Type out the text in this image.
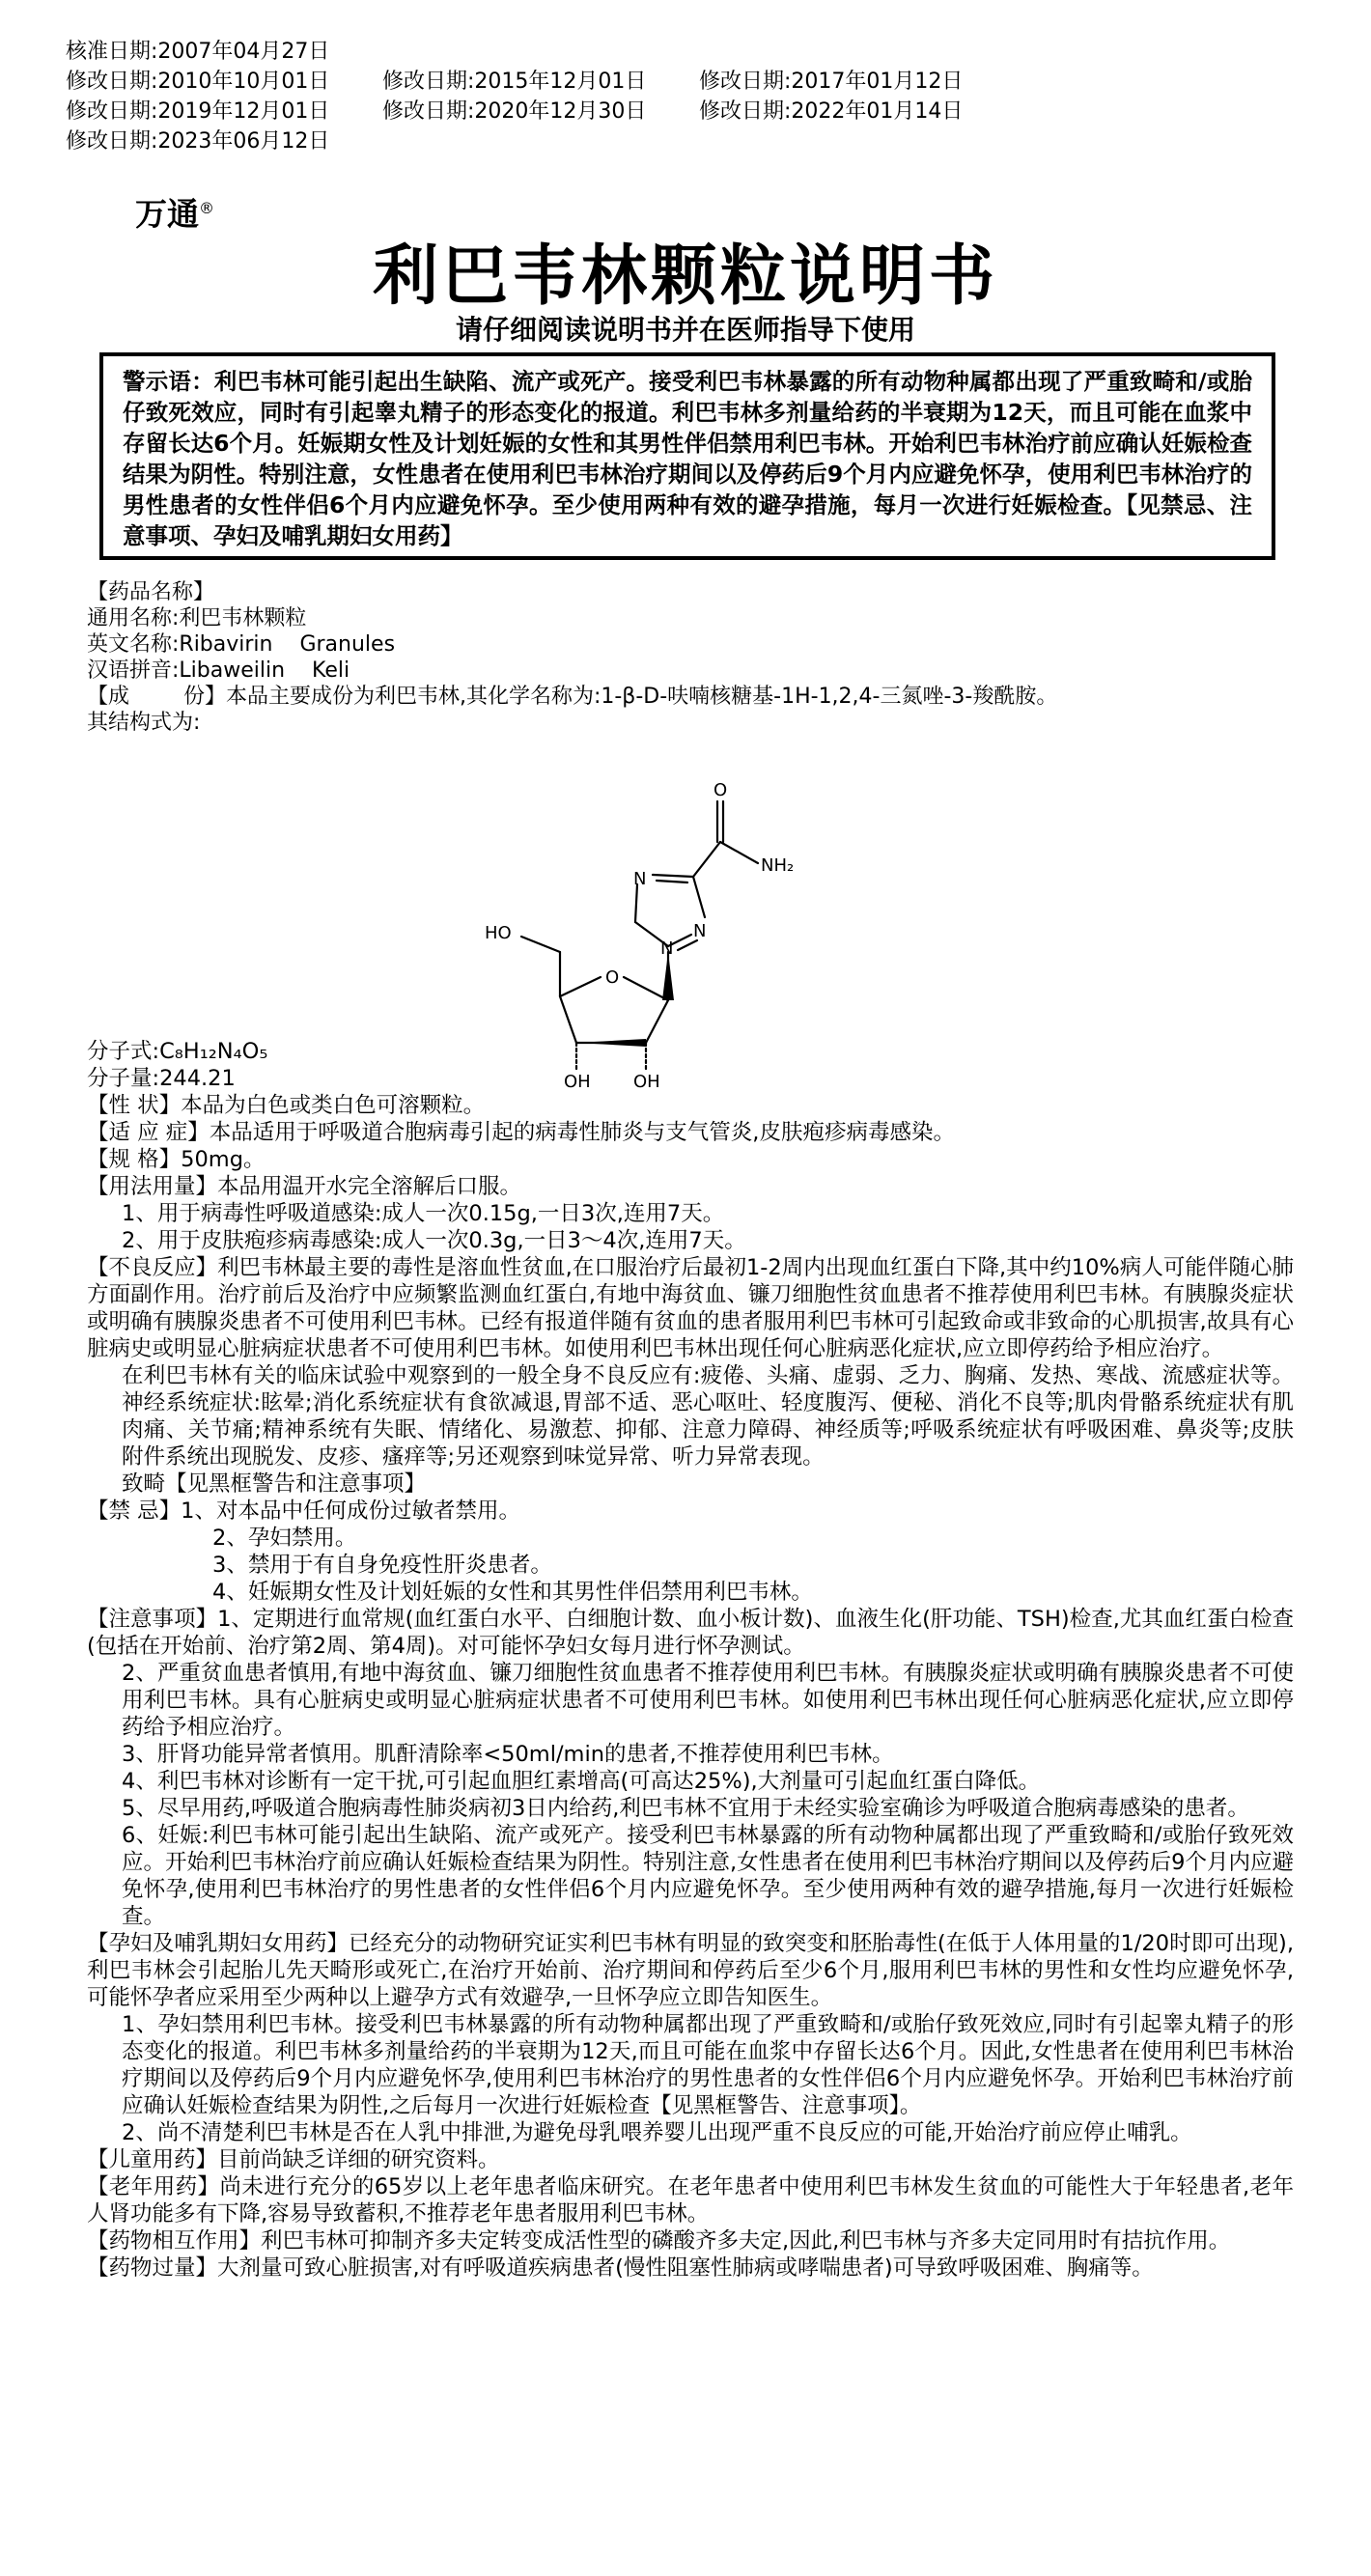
核准日期:2007年04月27日
修改日期:2010年10月01日 修改日期:2015年12月01日 修改日期:2017年01月12日
修改日期:2019年12月01日 修改日期:2020年12月30日 修改日期:2022年01月14日
修改日期:2023年06月12日
万通®
利巴韦林颗粒说明书
请仔细阅读说明书并在医师指导下使用
警示语：利巴韦林可能引起出生缺陷、流产或死产。接受利巴韦林暴露的所有动物种属都出现了严重致畸和/或胎仔致死效应，同时有引起睾丸精子的形态变化的报道。利巴韦林多剂量给药的半衰期为12天，而且可能在血浆中存留长达6个月。妊娠期女性及计划妊娠的女性和其男性伴侣禁用利巴韦林。开始利巴韦林治疗前应确认妊娠检查结果为阴性。特别注意，女性患者在使用利巴韦林治疗期间以及停药后9个月内应避免怀孕，使用利巴韦林治疗的男性患者的女性伴侣6个月内应避免怀孕。至少使用两种有效的避孕措施，每月一次进行妊娠检查。【见禁忌、注意事项、孕妇及哺乳期妇女用药】
【药品名称】
通用名称:利巴韦林颗粒
英文名称:Ribavirin    Granules
汉语拼音:Libaweilin    Keli
【成        份】本品主要成份为利巴韦林,其化学名称为:1-β-D-呋喃核糖基-1H-1,2,4-三氮唑-3-羧酰胺。
其结构式为:
O
NH₂
N
N
N
HO
O
OH OH

分子式:C₈H₁₂N₄O₅

分子量:244.21

【性 状】本品为白色或类白色可溶颗粒。

【适 应 症】本品适用于呼吸道合胞病毒引起的病毒性肺炎与支气管炎,皮肤疱疹病毒感染。

【规 格】50mg。

【用法用量】本品用温开水完全溶解后口服。

1、用于病毒性呼吸道感染:成人一次0.15g,一日3次,连用7天。

2、用于皮肤疱疹病毒感染:成人一次0.3g,一日3～4次,连用7天。

【不良反应】利巴韦林最主要的毒性是溶血性贫血,在口服治疗后最初1-2周内出现血红蛋白下降,其中约10%病人可能伴随心肺方面副作用。治疗前后及治疗中应频繁监测血红蛋白,有地中海贫血、镰刀细胞性贫血患者不推荐使用利巴韦林。有胰腺炎症状或明确有胰腺炎患者不可使用利巴韦林。已经有报道伴随有贫血的患者服用利巴韦林可引起致命或非致命的心肌损害,故具有心脏病史或明显心脏病症状患者不可使用利巴韦林。如使用利巴韦林出现任何心脏病恶化症状,应立即停药给予相应治疗。

在利巴韦林有关的临床试验中观察到的一般全身不良反应有:疲倦、头痛、虚弱、乏力、胸痛、发热、寒战、流感症状等。神经系统症状:眩晕;消化系统症状有食欲减退,胃部不适、恶心呕吐、轻度腹泻、便秘、消化不良等;肌肉骨骼系统症状有肌肉痛、关节痛;精神系统有失眠、情绪化、易激惹、抑郁、注意力障碍、神经质等;呼吸系统症状有呼吸困难、鼻炎等;皮肤附件系统出现脱发、皮疹、瘙痒等;另还观察到味觉异常、听力异常表现。

致畸【见黑框警告和注意事项】

【禁 忌】1、对本品中任何成份过敏者禁用。

2、孕妇禁用。

3、禁用于有自身免疫性肝炎患者。

4、妊娠期女性及计划妊娠的女性和其男性伴侣禁用利巴韦林。

【注意事项】1、定期进行血常规(血红蛋白水平、白细胞计数、血小板计数)、血液生化(肝功能、TSH)检查,尤其血红蛋白检查(包括在开始前、治疗第2周、第4周)。对可能怀孕妇女每月进行怀孕测试。

2、严重贫血患者慎用,有地中海贫血、镰刀细胞性贫血患者不推荐使用利巴韦林。有胰腺炎症状或明确有胰腺炎患者不可使用利巴韦林。具有心脏病史或明显心脏病症状患者不可使用利巴韦林。如使用利巴韦林出现任何心脏病恶化症状,应立即停药给予相应治疗。

3、肝肾功能异常者慎用。肌酐清除率<50ml/min的患者,不推荐使用利巴韦林。

4、利巴韦林对诊断有一定干扰,可引起血胆红素增高(可高达25%),大剂量可引起血红蛋白降低。

5、尽早用药,呼吸道合胞病毒性肺炎病初3日内给药,利巴韦林不宜用于未经实验室确诊为呼吸道合胞病毒感染的患者。

6、妊娠:利巴韦林可能引起出生缺陷、流产或死产。接受利巴韦林暴露的所有动物种属都出现了严重致畸和/或胎仔致死效应。开始利巴韦林治疗前应确认妊娠检查结果为阴性。特别注意,女性患者在使用利巴韦林治疗期间以及停药后9个月内应避免怀孕,使用利巴韦林治疗的男性患者的女性伴侣6个月内应避免怀孕。至少使用两种有效的避孕措施,每月一次进行妊娠检查。

【孕妇及哺乳期妇女用药】已经充分的动物研究证实利巴韦林有明显的致突变和胚胎毒性(在低于人体用量的1/20时即可出现),利巴韦林会引起胎儿先天畸形或死亡,在治疗开始前、治疗期间和停药后至少6个月,服用利巴韦林的男性和女性均应避免怀孕,可能怀孕者应采用至少两种以上避孕方式有效避孕,一旦怀孕应立即告知医生。

1、孕妇禁用利巴韦林。接受利巴韦林暴露的所有动物种属都出现了严重致畸和/或胎仔致死效应,同时有引起睾丸精子的形态变化的报道。利巴韦林多剂量给药的半衰期为12天,而且可能在血浆中存留长达6个月。因此,女性患者在使用利巴韦林治疗期间以及停药后9个月内应避免怀孕,使用利巴韦林治疗的男性患者的女性伴侣6个月内应避免怀孕。开始利巴韦林治疗前应确认妊娠检查结果为阴性,之后每月一次进行妊娠检查【见黑框警告、注意事项】。

2、尚不清楚利巴韦林是否在人乳中排泄,为避免母乳喂养婴儿出现严重不良反应的可能,开始治疗前应停止哺乳。

【儿童用药】目前尚缺乏详细的研究资料。

【老年用药】尚未进行充分的65岁以上老年患者临床研究。在老年患者中使用利巴韦林发生贫血的可能性大于年轻患者,老年人肾功能多有下降,容易导致蓄积,不推荐老年患者服用利巴韦林。

【药物相互作用】利巴韦林可抑制齐多夫定转变成活性型的磷酸齐多夫定,因此,利巴韦林与齐多夫定同用时有拮抗作用。

【药物过量】大剂量可致心脏损害,对有呼吸道疾病患者(慢性阻塞性肺病或哮喘患者)可导致呼吸困难、胸痛等。
